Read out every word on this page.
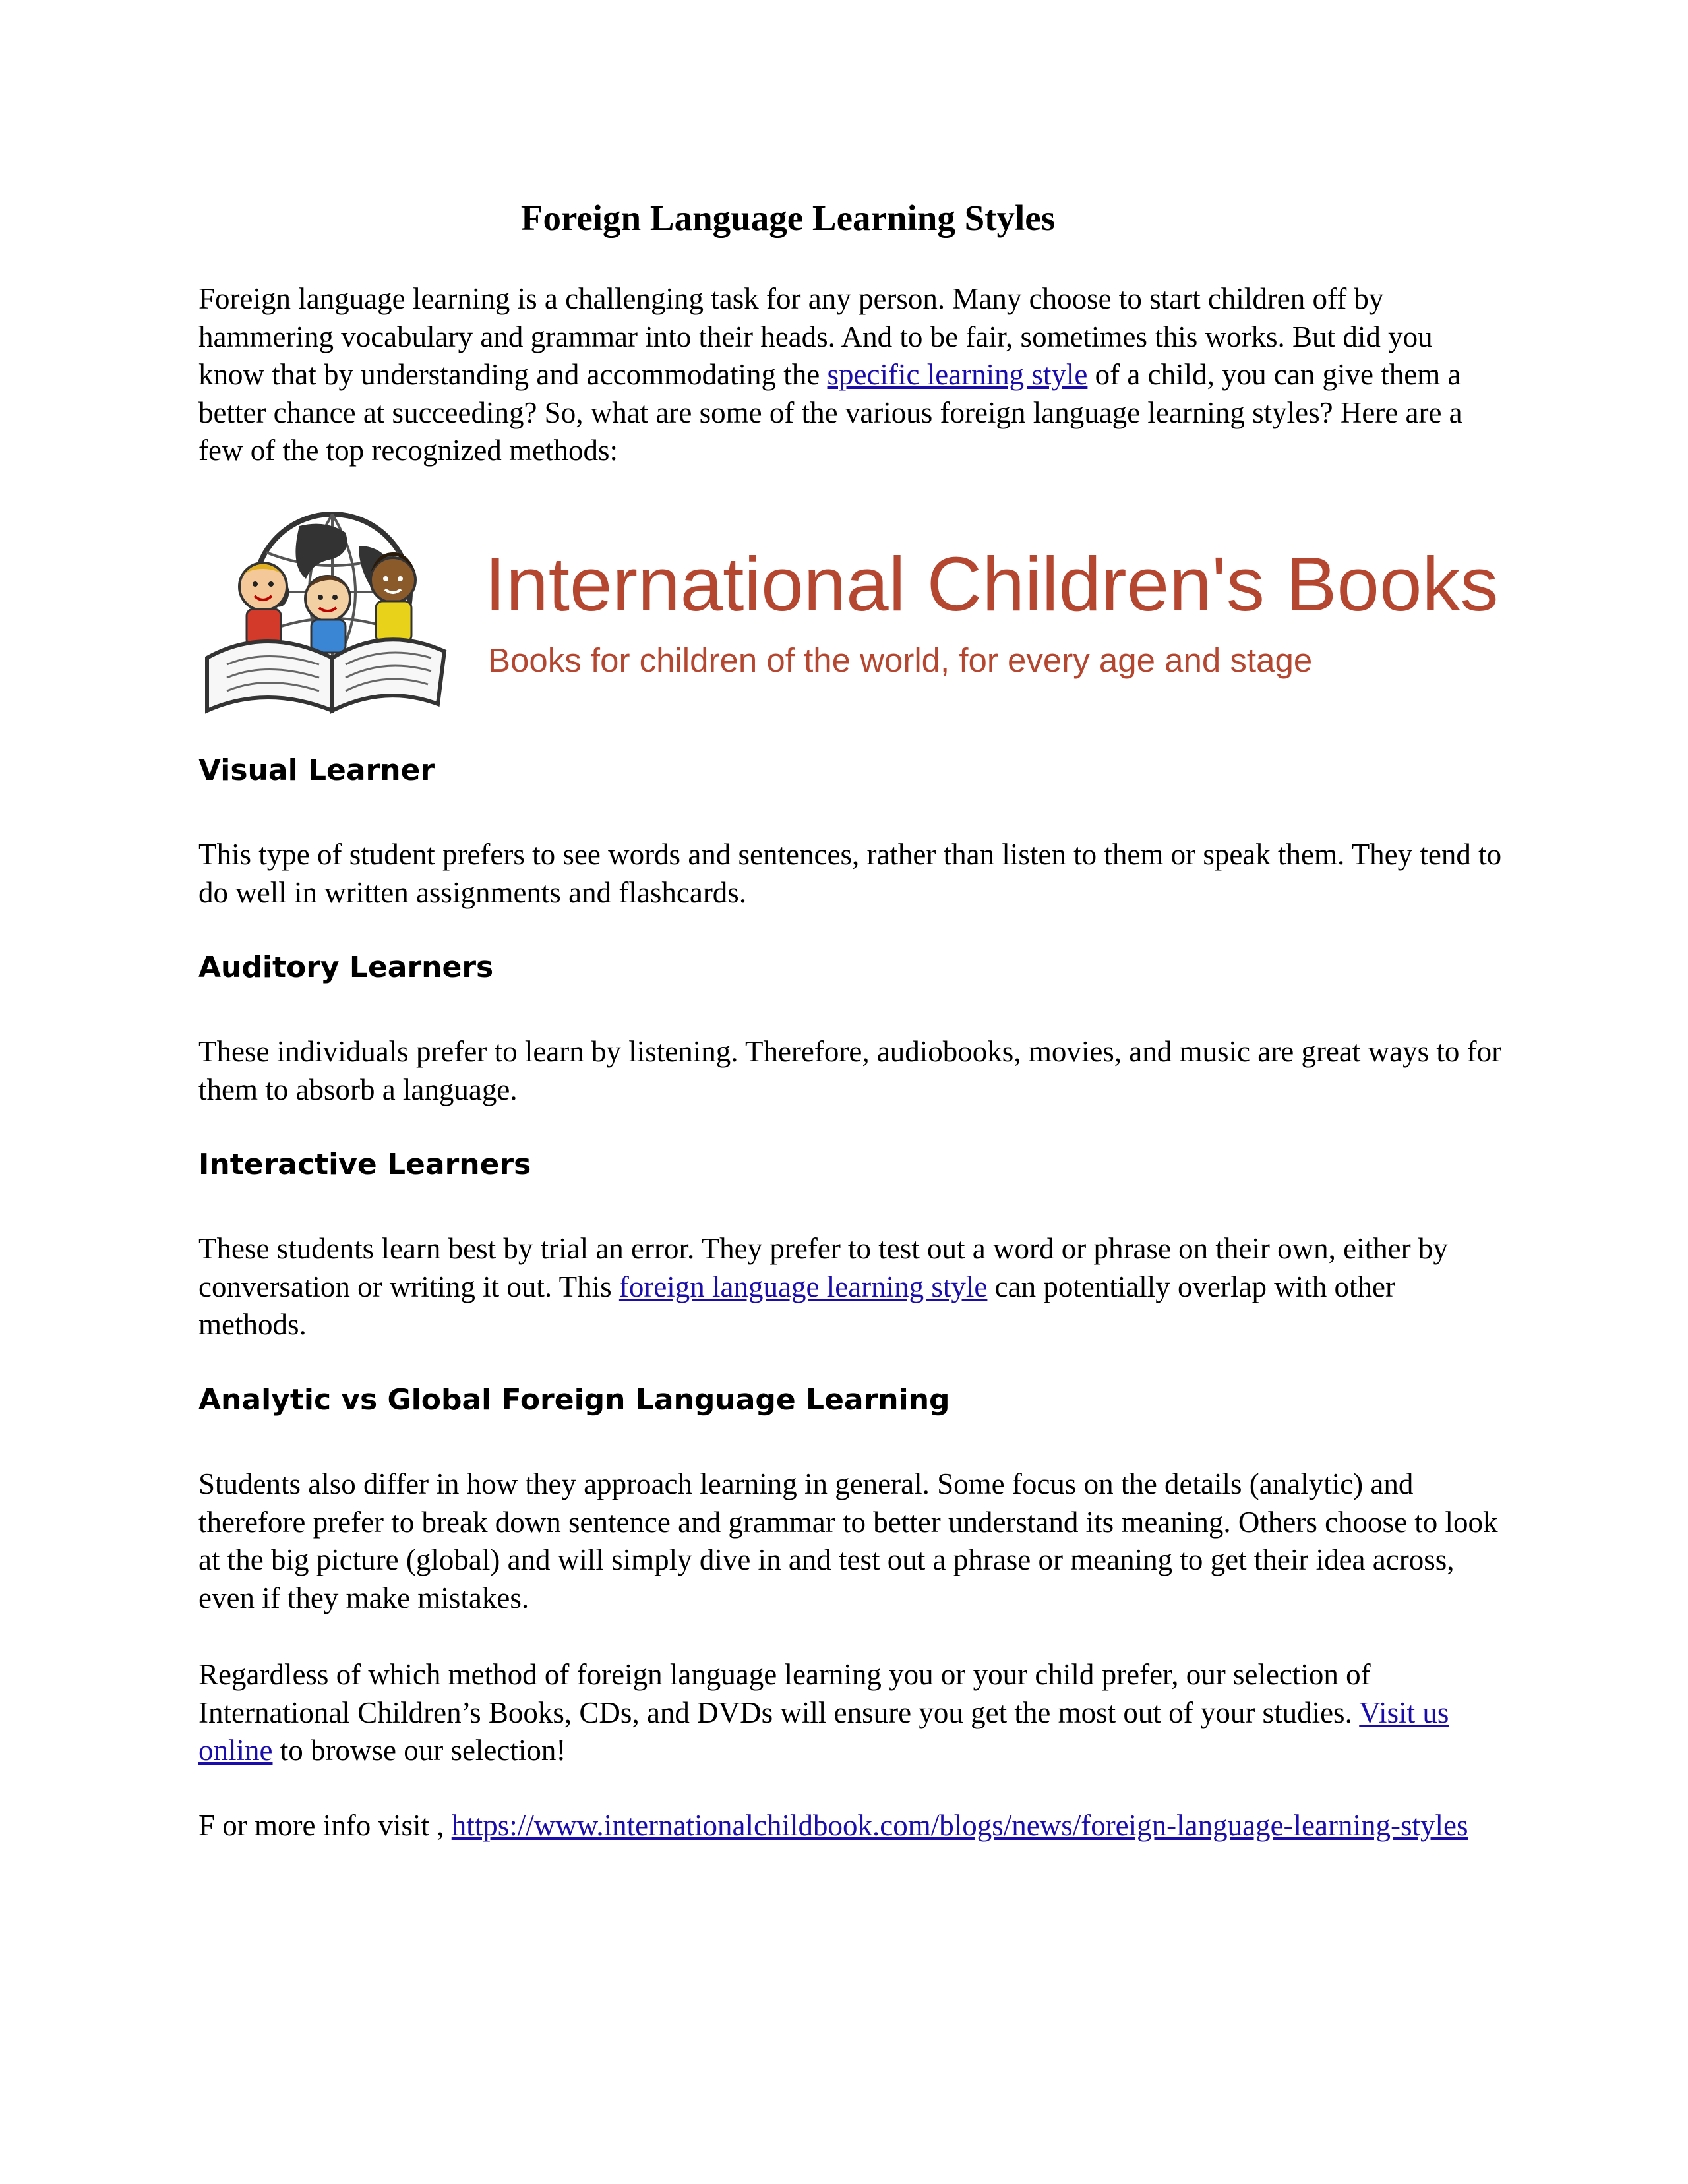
Foreign Language Learning Styles

Foreign language learning is a challenging task for any person. Many choose to start children off by hammering vocabulary and grammar into their heads. And to be fair, sometimes this works. But did you know that by understanding and accommodating the specific learning style of a child, you can give them a better chance at succeeding? So, what are some of the various foreign language learning styles? Here are a few of the top recognized methods:

International Children's Books
Books for children of the world, for every age and stage
Visual Learner

This type of student prefers to see words and sentences, rather than listen to them or speak them. They tend to do well in written assignments and flashcards.

Auditory Learners

These individuals prefer to learn by listening. Therefore, audiobooks, movies, and music are great ways to for them to absorb a language.

Interactive Learners

These students learn best by trial an error. They prefer to test out a word or phrase on their own, either by conversation or writing it out. This foreign language learning style can potentially overlap with other methods.

Analytic vs Global Foreign Language Learning

Students also differ in how they approach learning in general. Some focus on the details (analytic) and therefore prefer to break down sentence and grammar to better understand its meaning. Others choose to look at the big picture (global) and will simply dive in and test out a phrase or meaning to get their idea across, even if they make mistakes.

Regardless of which method of foreign language learning you or your child prefer, our selection of International Children’s Books, CDs, and DVDs will ensure you get the most out of your studies. Visit us online to browse our selection!

F or more info visit , https://www.internationalchildbook.com/blogs/news/foreign-language-learning-styles
